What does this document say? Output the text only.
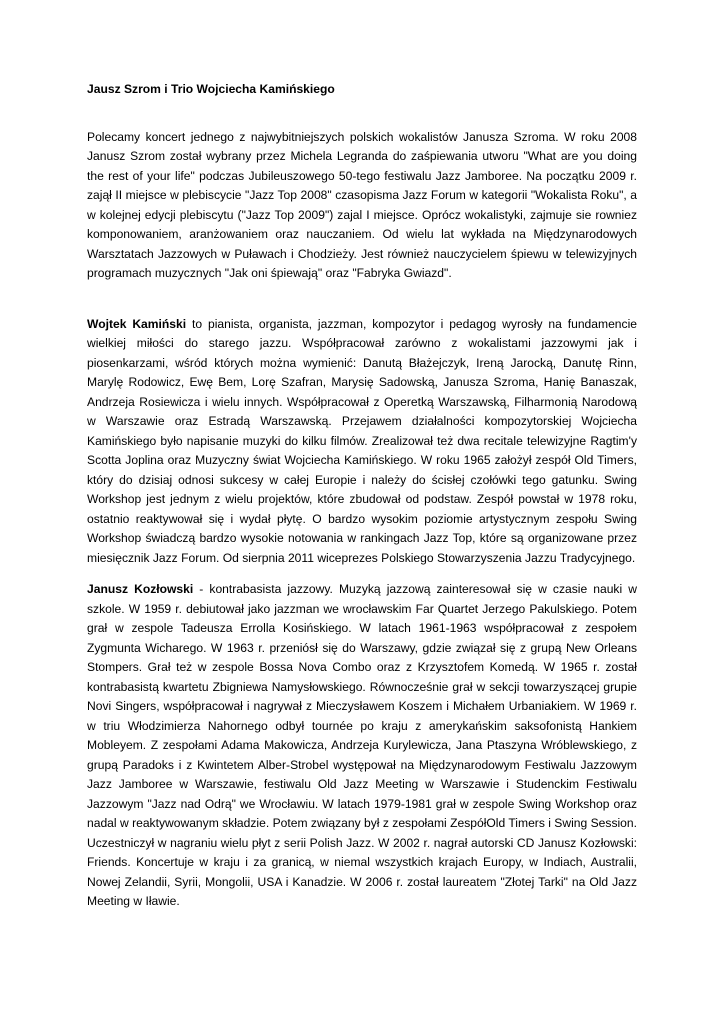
Jausz Szrom i Trio Wojciecha Kamińskiego

Polecamy koncert jednego z najwybitniejszych polskich wokalistów Janusza Szroma. W roku 2008 Janusz Szrom został wybrany przez Michela Legranda do zaśpiewania utworu "What are you doing the rest of your life" podczas Jubileuszowego 50-tego festiwalu Jazz Jamboree. Na początku 2009 r. zajął II miejsce w plebiscycie "Jazz Top 2008" czasopisma Jazz Forum w kategorii "Wokalista Roku", a w kolejnej edycji plebiscytu ("Jazz Top 2009") zajal I miejsce. Oprócz wokalistyki, zajmuje sie rowniez komponowaniem, aranżowaniem oraz nauczaniem. Od wielu lat wykłada na Międzynarodowych Warsztatach Jazzowych w Puławach i Chodzieży. Jest również nauczycielem śpiewu w telewizyjnych programach muzycznych "Jak oni śpiewają" oraz "Fabryka Gwiazd".

Wojtek Kamiński to pianista, organista, jazzman, kompozytor i pedagog wyrosły na fundamencie wielkiej miłości do starego jazzu. Współpracował zarówno z wokalistami jazzowymi jak i piosenkarzami, wśród których można wymienić: Danutą Błażejczyk, Ireną Jarocką, Danutę Rinn, Marylę Rodowicz, Ewę Bem, Lorę Szafran, Marysię Sadowską, Janusza Szroma, Hanię Banaszak, Andrzeja Rosiewicza i wielu innych. Współpracował z Operetką Warszawską, Filharmonią Narodową w Warszawie oraz Estradą Warszawską. Przejawem działalności kompozytorskiej Wojciecha Kamińskiego było napisanie muzyki do kilku filmów. Zrealizował też dwa recitale telewizyjne Ragtim'y Scotta Joplina oraz Muzyczny świat Wojciecha Kamińskiego. W roku 1965 założył zespół Old Timers, który do dzisiaj odnosi sukcesy w całej Europie i należy do ścisłej czołówki tego gatunku. Swing Workshop jest jednym z wielu projektów, które zbudował od podstaw. Zespół powstał w 1978 roku, ostatnio reaktywował się i wydał płytę. O bardzo wysokim poziomie artystycznym zespołu Swing Workshop świadczą bardzo wysokie notowania w rankingach Jazz Top, które są organizowane przez miesięcznik Jazz Forum. Od sierpnia 2011 wiceprezes Polskiego Stowarzyszenia Jazzu Tradycyjnego.

Janusz Kozłowski - kontrabasista jazzowy. Muzyką jazzową zainteresował się w czasie nauki w szkole. W 1959 r. debiutował jako jazzman we wrocławskim Far Quartet Jerzego Pakulskiego. Potem grał w zespole Tadeusza Errolla Kosińskiego. W latach 1961-1963 współpracował z zespołem Zygmunta Wicharego. W 1963 r. przeniósł się do Warszawy, gdzie związał się z grupą New Orleans Stompers. Grał też w zespole Bossa Nova Combo oraz z Krzysztofem Komedą. W 1965 r. został kontrabasistą kwartetu Zbigniewa Namysłowskiego. Równocześnie grał w sekcji towarzyszącej grupie Novi Singers, współpracował i nagrywał z Mieczysławem Koszem i Michałem Urbaniakiem. W 1969 r. w triu Włodzimierza Nahornego odbył tournée po kraju z amerykańskim saksofonistą Hankiem Mobleyem. Z zespołami Adama Makowicza, Andrzeja Kurylewicza, Jana Ptaszyna Wróblewskiego, z grupą Paradoks i z Kwintetem Alber-Strobel występował na Międzynarodowym Festiwalu Jazzowym Jazz Jamboree w Warszawie, festiwalu Old Jazz Meeting w Warszawie i Studenckim Festiwalu Jazzowym "Jazz nad Odrą" we Wrocławiu. W latach 1979-1981 grał w zespole Swing Workshop oraz nadal w reaktywowanym składzie. Potem związany był z zespołami ZespółOld Timers i Swing Session. Uczestniczył w nagraniu wielu płyt z serii Polish Jazz. W 2002 r. nagrał autorski CD Janusz Kozłowski: Friends. Koncertuje w kraju i za granicą, w niemal wszystkich krajach Europy, w Indiach, Australii, Nowej Zelandii, Syrii, Mongolii, USA i Kanadzie. W 2006 r. został laureatem "Złotej Tarki" na Old Jazz Meeting w Iławie.
